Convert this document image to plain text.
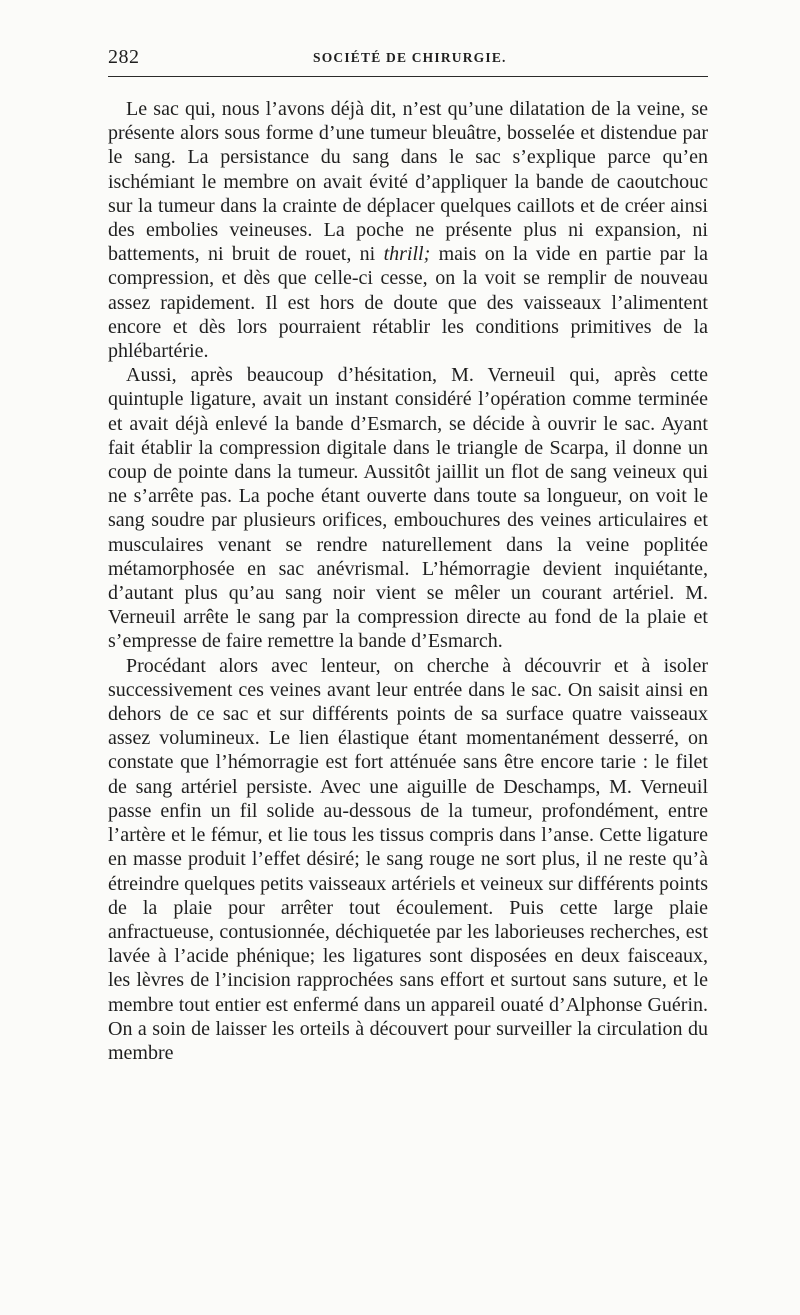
282	SOCIÉTÉ DE CHIRURGIE.

Le sac qui, nous l’avons déjà dit, n’est qu’une dilatation de la veine, se présente alors sous forme d’une tumeur bleuâtre, bosselée et distendue par le sang. La persistance du sang dans le sac s’explique parce qu’en ischémiant le membre on avait évité d’appliquer la bande de caoutchouc sur la tumeur dans la crainte de déplacer quelques caillots et de créer ainsi des embolies veineuses. La poche ne présente plus ni expansion, ni battements, ni bruit de rouet, ni thrill; mais on la vide en partie par la compression, et dès que celle-ci cesse, on la voit se remplir de nouveau assez rapidement. Il est hors de doute que des vaisseaux l’alimentent encore et dès lors pourraient rétablir les conditions primitives de la phlébartérie.

Aussi, après beaucoup d’hésitation, M. Verneuil qui, après cette quintuple ligature, avait un instant considéré l’opération comme terminée et avait déjà enlevé la bande d’Esmarch, se décide à ouvrir le sac. Ayant fait établir la compression digitale dans le triangle de Scarpa, il donne un coup de pointe dans la tumeur. Aussitôt jaillit un flot de sang veineux qui ne s’arrête pas. La poche étant ouverte dans toute sa longueur, on voit le sang soudre par plusieurs orifices, embouchures des veines articulaires et musculaires venant se rendre naturellement dans la veine poplitée métamorphosée en sac anévrismal. L’hémorragie devient inquiétante, d’autant plus qu’au sang noir vient se mêler un courant artériel. M. Verneuil arrête le sang par la compression directe au fond de la plaie et s’empresse de faire remettre la bande d’Esmarch.

Procédant alors avec lenteur, on cherche à découvrir et à isoler successivement ces veines avant leur entrée dans le sac. On saisit ainsi en dehors de ce sac et sur différents points de sa surface quatre vaisseaux assez volumineux. Le lien élastique étant momentanément desserré, on constate que l’hémorragie est fort atténuée sans être encore tarie : le filet de sang artériel persiste. Avec une aiguille de Deschamps, M. Verneuil passe enfin un fil solide au-dessous de la tumeur, profondément, entre l’artère et le fémur, et lie tous les tissus compris dans l’anse. Cette ligature en masse produit l’effet désiré; le sang rouge ne sort plus, il ne reste qu’à étreindre quelques petits vaisseaux artériels et veineux sur différents points de la plaie pour arrêter tout écoulement. Puis cette large plaie anfractueuse, contusionnée, déchiquetée par les laborieuses recherches, est lavée à l’acide phénique; les ligatures sont disposées en deux faisceaux, les lèvres de l’incision rapprochées sans effort et surtout sans suture, et le membre tout entier est enfermé dans un appareil ouaté d’Alphonse Guérin. On a soin de laisser les orteils à découvert pour surveiller la circulation du membre
